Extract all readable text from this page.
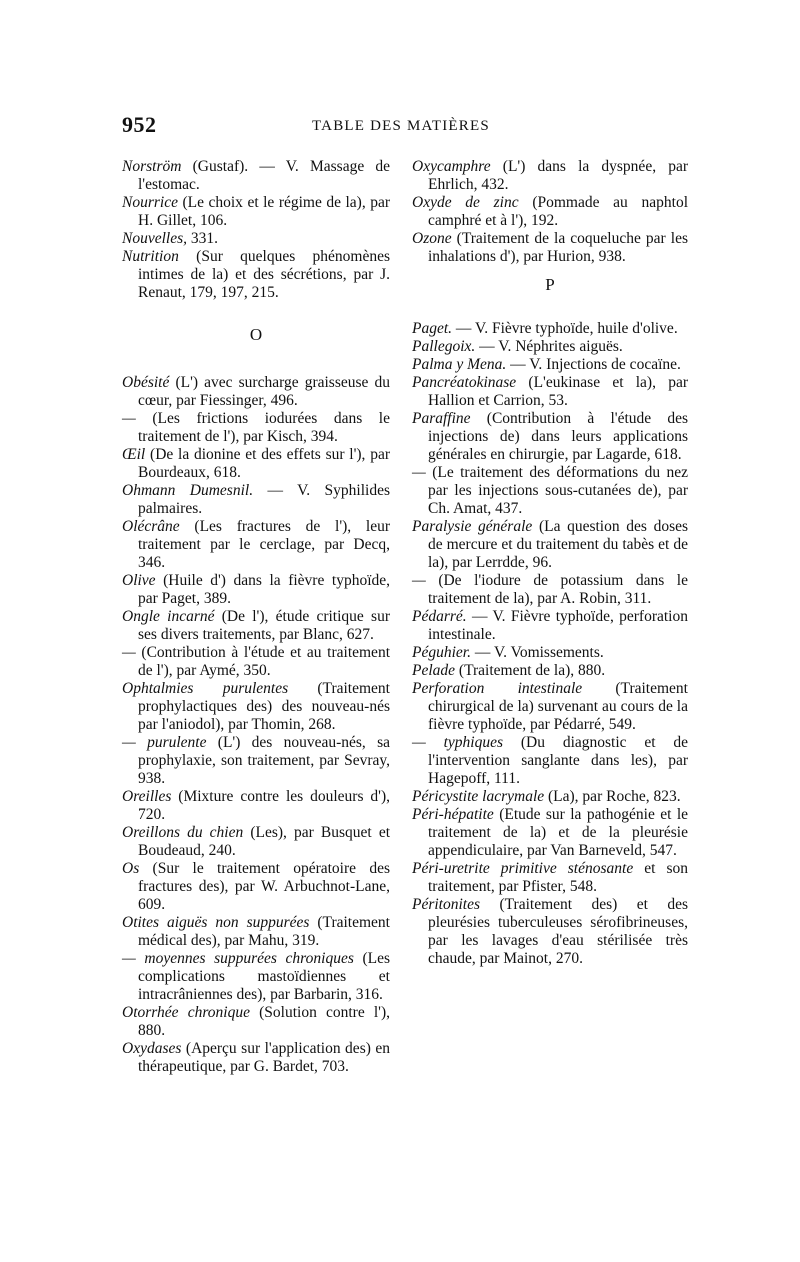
952	TABLE DES MATIÈRES
Norström (Gustaf). — V. Massage de l'estomac.
Nourrice (Le choix et le régime de la), par H. Gillet, 106.
Nouvelles, 331.
Nutrition (Sur quelques phénomènes intimes de la) et des sécrétions, par J. Renaut, 179, 197, 215.
O
Obésité (L') avec surcharge graisseuse du cœur, par Fiessinger, 496.
— (Les frictions iodurées dans le traitement de l'), par Kisch, 394.
Œil (De la dionine et des effets sur l'), par Bourdeaux, 618.
Ohmann Dumesnil. — V. Syphilides palmaires.
Olécrâne (Les fractures de l'), leur traitement par le cerclage, par Decq, 346.
Olive (Huile d') dans la fièvre typhoïde, par Paget, 389.
Ongle incarné (De l'), étude critique sur ses divers traitements, par Blanc, 627.
— (Contribution à l'étude et au traitement de l'), par Aymé, 350.
Ophtalmies purulentes (Traitement prophylactiques des) des nouveau-nés par l'aniodol), par Thomin, 268.
— purulente (L') des nouveau-nés, sa prophylaxie, son traitement, par Sevray, 938.
Oreilles (Mixture contre les douleurs d'), 720.
Oreillons du chien (Les), par Busquet et Boudeaud, 240.
Os (Sur le traitement opératoire des fractures des), par W. Arbuchnot-Lane, 609.
Otites aiguës non suppurées (Traitement médical des), par Mahu, 319.
— moyennes suppurées chroniques (Les complications mastoïdiennes et intracrâniennes des), par Barbarin, 316.
Otorrhée chronique (Solution contre l'), 880.
Oxydases (Aperçu sur l'application des) en thérapeutique, par G. Bardet, 703.
Oxycamphre (L') dans la dyspnée, par Ehrlich, 432.
Oxyde de zinc (Pommade au naphtol camphré et à l'), 192.
Ozone (Traitement de la coqueluche par les inhalations d'), par Hurion, 938.
P
Paget. — V. Fièvre typhoïde, huile d'olive.
Pallegoix. — V. Néphrites aiguës.
Palma y Mena. — V. Injections de cocaïne.
Pancréatokinase (L'eukinase et la), par Hallion et Carrion, 53.
Paraffine (Contribution à l'étude des injections de) dans leurs applications générales en chirurgie, par Lagarde, 618.
— (Le traitement des déformations du nez par les injections sous-cutanées de), par Ch. Amat, 437.
Paralysie générale (La question des doses de mercure et du traitement du tabès et de la), par Lerrdde, 96.
— (De l'iodure de potassium dans le traitement de la), par A. Robin, 311.
Pédarré. — V. Fièvre typhoïde, perforation intestinale.
Péguhier. — V. Vomissements.
Pelade (Traitement de la), 880.
Perforation intestinale (Traitement chirurgical de la) survenant au cours de la fièvre typhoïde, par Pédarré, 549.
— typhiques (Du diagnostic et de l'intervention sanglante dans les), par Hagepoff, 111.
Péricystite lacrymale (La), par Roche, 823.
Péri-hépatite (Etude sur la pathogénie et le traitement de la) et de la pleurésie appendiculaire, par Van Barneveld, 547.
Péri-uretrite primitive sténosante et son traitement, par Pfister, 548.
Péritonites (Traitement des) et des pleurésies tuberculeuses sérofibrineuses, par les lavages d'eau stérilisée très chaude, par Mainot, 270.
